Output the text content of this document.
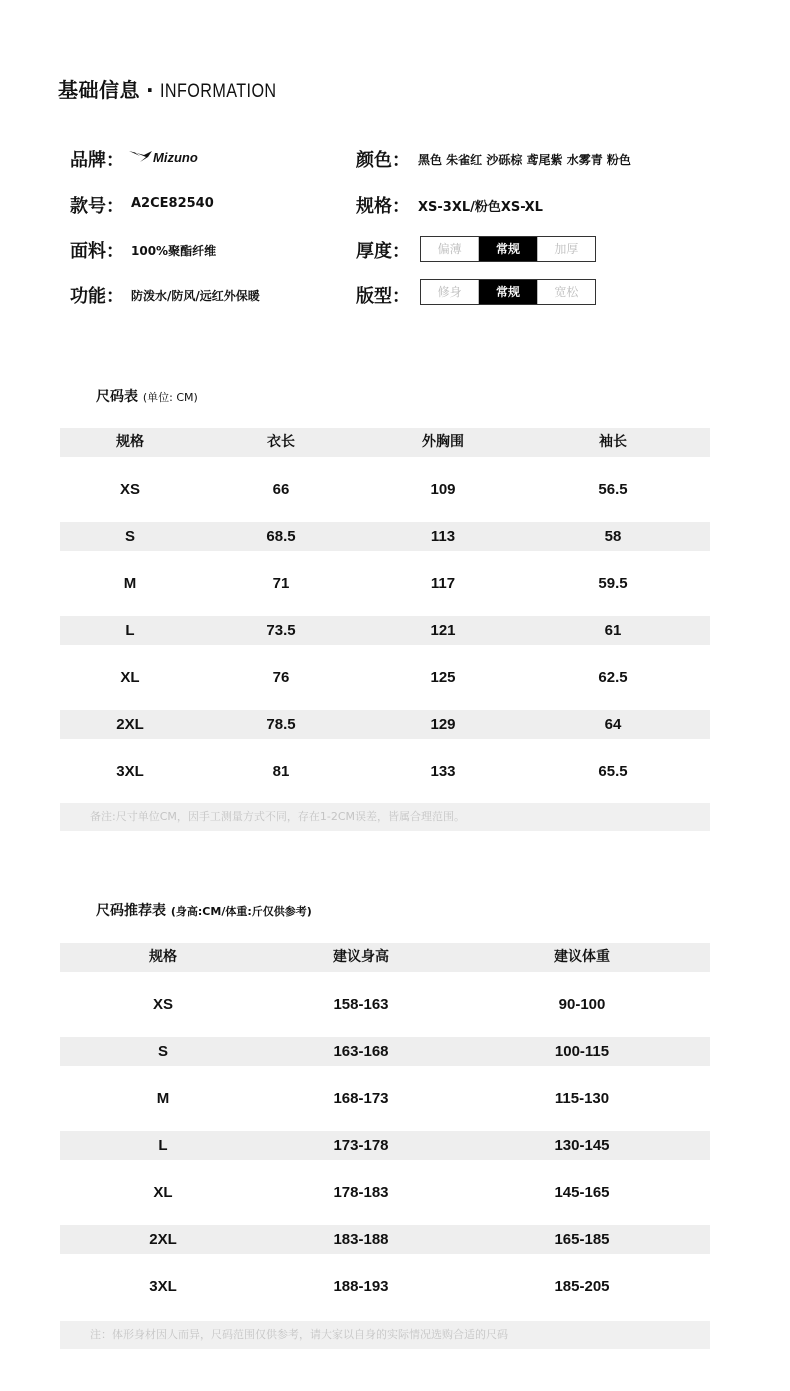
基础信息 · INFORMATION
品牌： Mizuno	颜色： 黑色 朱雀红 沙砾棕 鸢尾紫 水雾青 粉色
款号： A2CE82540	规格： XS-3XL/粉色XS-XL
面料： 100%聚酯纤维	厚度：	偏薄	常规	加厚
功能： 防泼水/防风/远红外保暖	版型：	修身	常规	宽松
尺码表 (单位: CM)
规格	衣长	外胸围	袖长
XS	66	109	56.5
S	68.5	113	58
M	71	117	59.5
L	73.5	121	61
XL	76	125	62.5
2XL	78.5	129	64
3XL	81	133	65.5
备注:尺寸单位CM，因手工测量方式不同，存在1-2CM误差，皆属合理范围。
尺码推荐表 (身高:CM/体重:斤仅供参考)
规格	建议身高	建议体重
XS	158-163	90-100
S	163-168	100-115
M	168-173	115-130
L	173-178	130-145
XL	178-183	145-165
2XL	183-188	165-185
3XL	188-193	185-205
注：体形身材因人而异，尺码范围仅供参考，请大家以自身的实际情况选购合适的尺码
